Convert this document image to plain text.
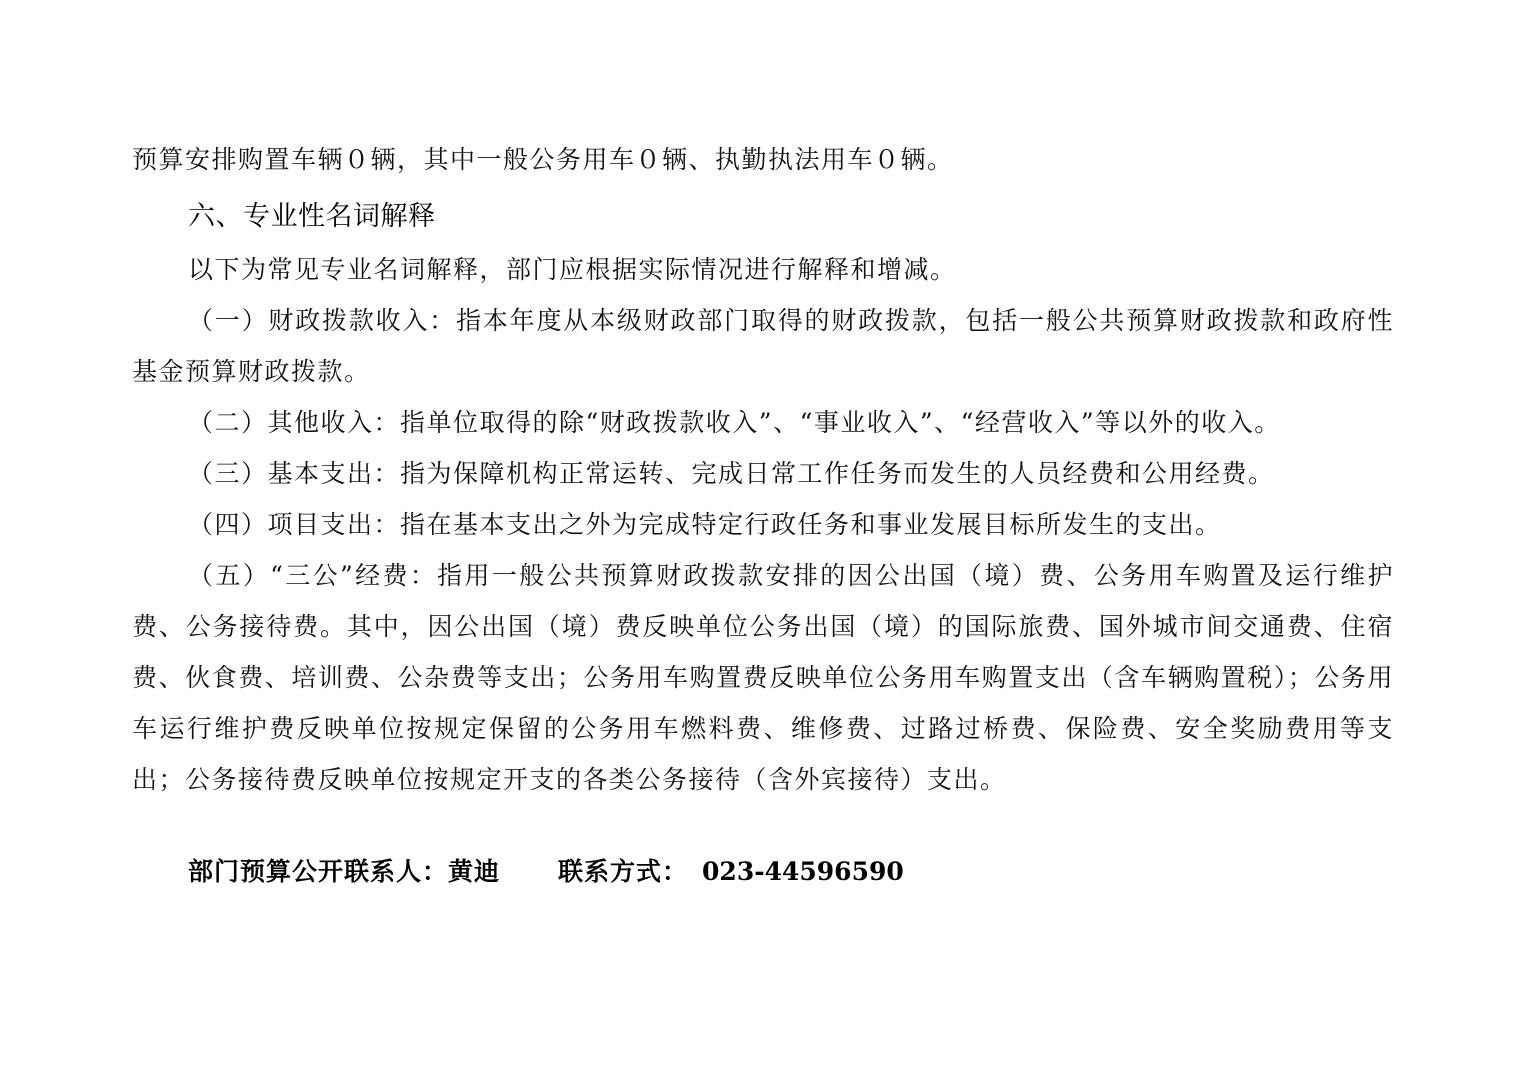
预算安排购置车辆０辆，其中一般公务用车０辆、执勤执法用车０辆。
六、专业性名词解释

以下为常见专业名词解释，部门应根据实际情况进行解释和增减。

（一）财政拨款收入：指本年度从本级财政部门取得的财政拨款，包括一般公共预算财政拨款和政府性基金预算财政拨款。

（二）其他收入：指单位取得的除“财政拨款收入”、“事业收入”、“经营收入”等以外的收入。

（三）基本支出：指为保障机构正常运转、完成日常工作任务而发生的人员经费和公用经费。

（四）项目支出：指在基本支出之外为完成特定行政任务和事业发展目标所发生的支出。

（五）“三公”经费：指用一般公共预算财政拨款安排的因公出国（境）费、公务用车购置及运行维护费、公务接待费。其中，因公出国（境）费反映单位公务出国（境）的国际旅费、国外城市间交通费、住宿费、伙食费、培训费、公杂费等支出；公务用车购置费反映单位公务用车购置支出（含车辆购置税）；公务用车运行维护费反映单位按规定保留的公务用车燃料费、维修费、过路过桥费、保险费、安全奖励费用等支出；公务接待费反映单位按规定开支的各类公务接待（含外宾接待）支出。

部门预算公开联系人：黄迪 联系方式： 023-44596590
